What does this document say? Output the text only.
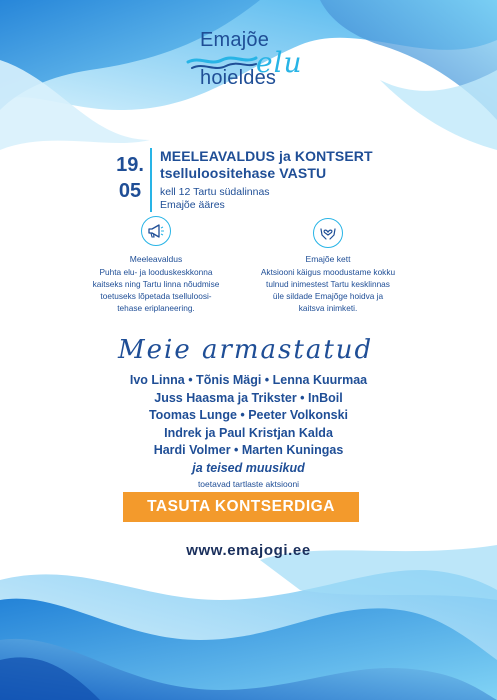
Emajõe
elu
hoieldes
19.
05
MEELEAVALDUS ja KONTSERT
tselluloositehase VASTU
kell 12 Tartu südalinnas
Emajõe ääres
Meeleavaldus
Puhta elu- ja looduskeskkonna
kaitseks ning Tartu linna nõudmise
toetuseks lõpetada tselluloosi-
tehase eriplaneering.
Emajõe kett
Aktsiooni käigus moodustame kokku
tulnud inimestest Tartu kesklinnas
üle sildade Emajõge hoidva ja
kaitsva inimketi.
Meie armastatud
Ivo Linna • Tõnis Mägi • Lenna Kuurmaa
Juss Haasma ja Trikster • InBoil
Toomas Lunge • Peeter Volkonski
Indrek ja Paul Kristjan Kalda
Hardi Volmer • Marten Kuningas
ja teised muusikud
toetavad tartlaste aktsiooni
TASUTA KONTSERDIGA
www.emajogi.ee
